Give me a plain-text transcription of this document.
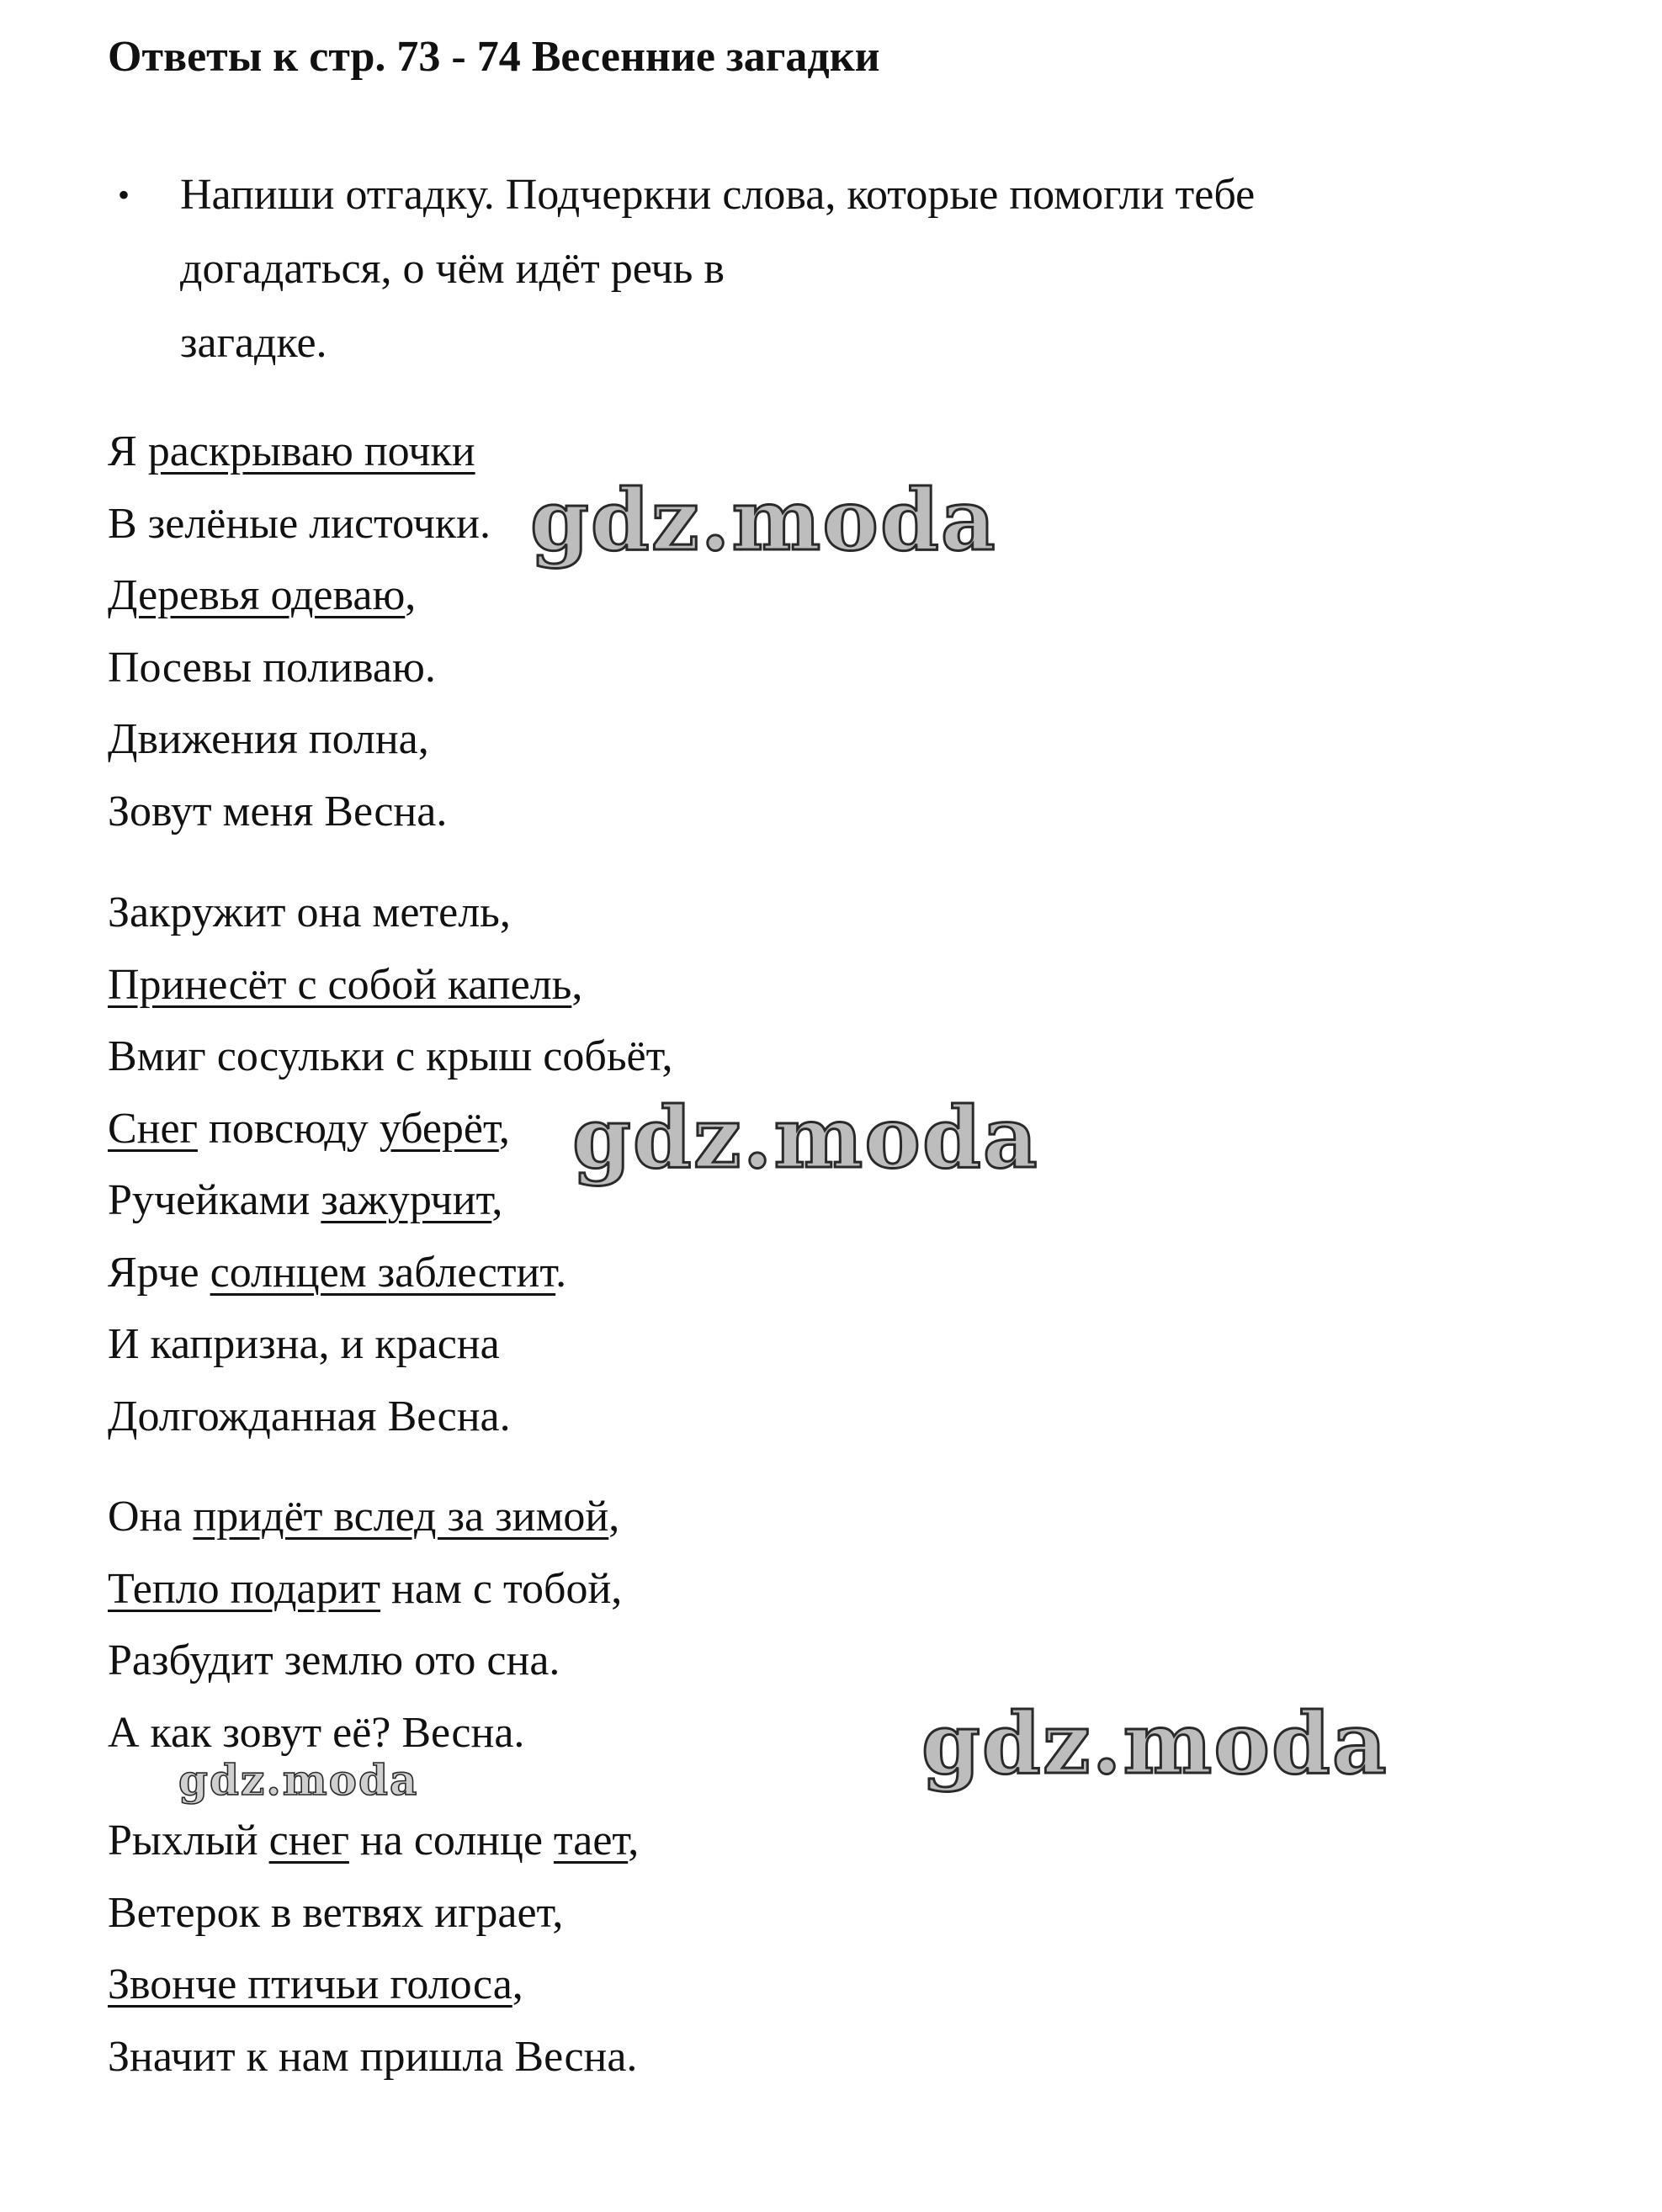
Ответы к стр. 73 - 74 Весенние загадки
• Напиши отгадку. Подчеркни слова, которые помогли тебе
догадаться, о чём идёт речь в
загадке.
Я раскрываю почки
В зелёные листочки.
Деревья одеваю,
Посевы поливаю.
Движения полна,
Зовут меня Весна.
Закружит она метель,
Принесёт с собой капель,
Вмиг сосульки с крыш собьёт,
Снег повсюду уберёт,
Ручейками зажурчит,
Ярче солнцем заблестит.
И капризна, и красна
Долгожданная Весна.
Она придёт вслед за зимой,
Тепло подарит нам с тобой,
Разбудит землю ото сна.
А как зовут её? Весна.
Рыхлый снег на солнце тает,
Ветерок в ветвях играет,
Звонче птичьи голоса,
Значит к нам пришла Весна.
gdz.moda
gdz.moda
gdz.moda
gdz.moda
